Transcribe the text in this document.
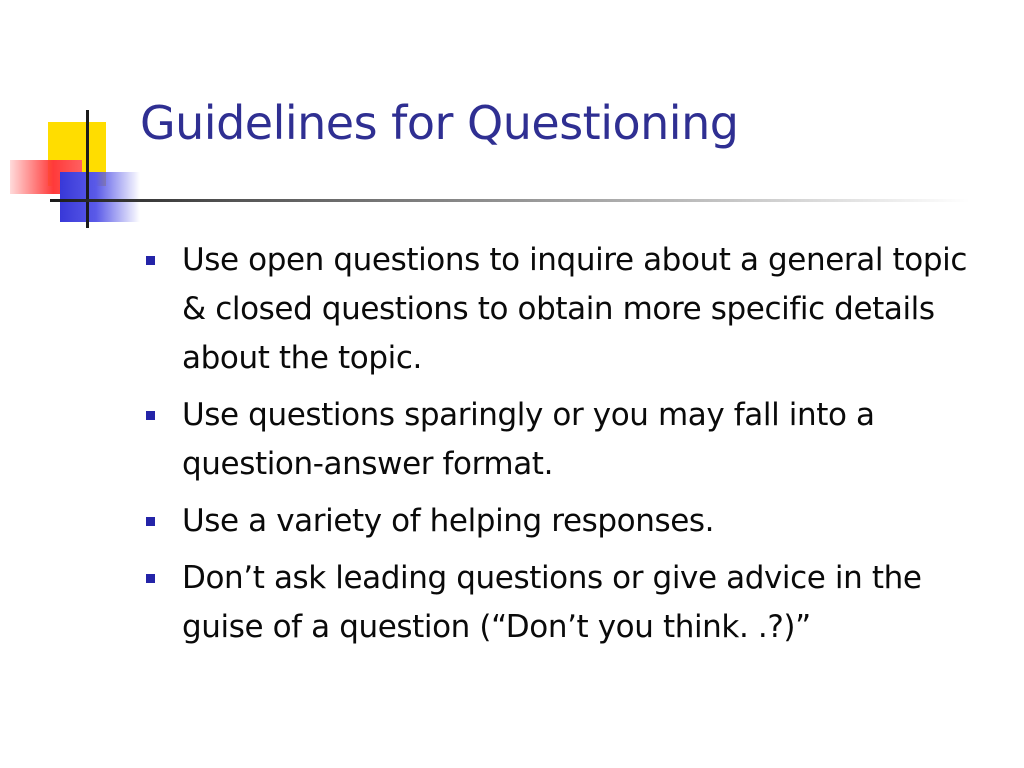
Guidelines for Questioning
Use open questions to inquire about a general topic & closed questions to obtain more specific details about the topic.
Use questions sparingly or you may fall into a question-answer format.
Use a variety of helping responses.
Don’t ask leading questions or give advice in the guise of a question (“Don’t you think. .?)”
